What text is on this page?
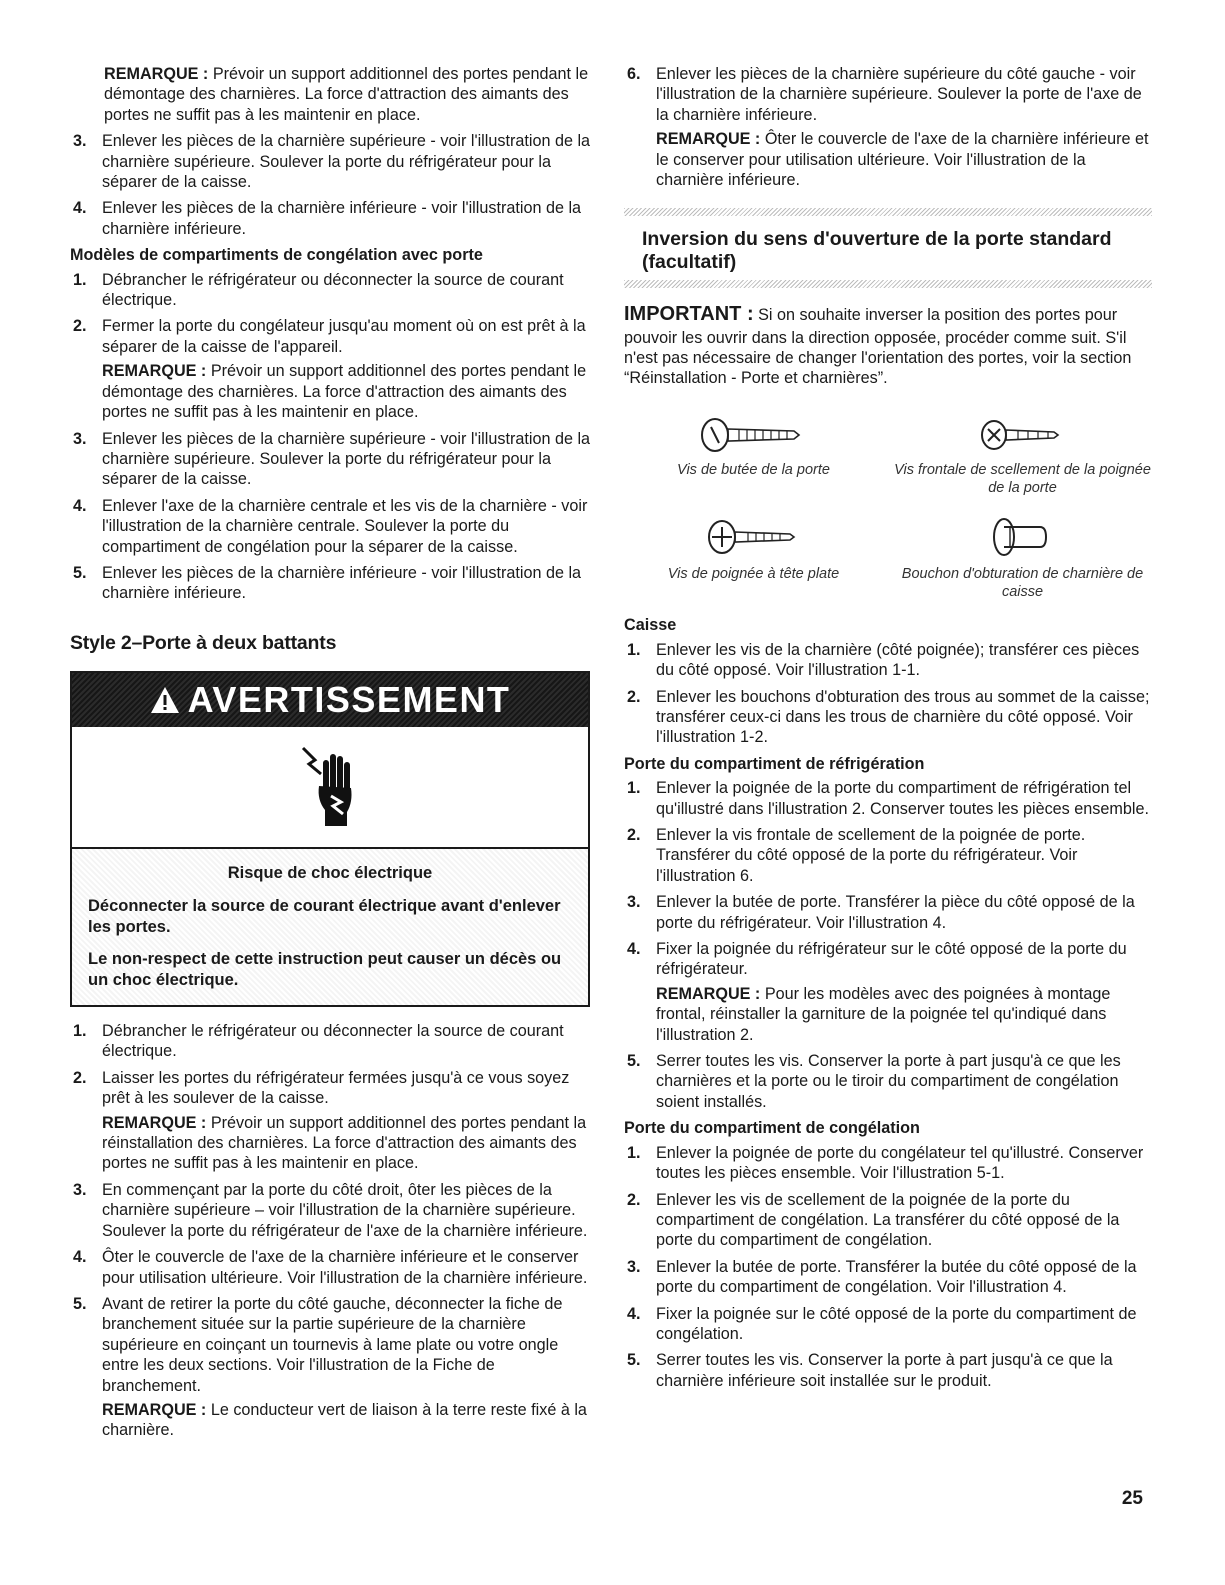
REMARQUE : Prévoir un support additionnel des portes pendant le démontage des charnières. La force d'attraction des aimants des portes ne suffit pas à les maintenir en place.

3. Enlever les pièces de la charnière supérieure - voir l'illustration de la charnière supérieure. Soulever la porte du réfrigérateur pour la séparer de la caisse.
4. Enlever les pièces de la charnière inférieure - voir l'illustration de la charnière inférieure.
Modèles de compartiments de congélation avec porte
1. Débrancher le réfrigérateur ou déconnecter la source de courant électrique.
2. Fermer la porte du congélateur jusqu'au moment où on est prêt à la séparer de la caisse de l'appareil.

REMARQUE : Prévoir un support additionnel des portes pendant le démontage des charnières. La force d'attraction des aimants des portes ne suffit pas à les maintenir en place.

3. Enlever les pièces de la charnière supérieure - voir l'illustration de la charnière supérieure. Soulever la porte du réfrigérateur pour la séparer de la caisse.
4. Enlever l'axe de la charnière centrale et les vis de la charnière - voir l'illustration de la charnière centrale. Soulever la porte du compartiment de congélation pour la séparer de la caisse.
5. Enlever les pièces de la charnière inférieure - voir l'illustration de la charnière inférieure.
Style 2–Porte à deux battants
AVERTISSEMENT

Risque de choc électrique

Déconnecter la source de courant électrique avant d'enlever les portes.

Le non-respect de cette instruction peut causer un décès ou un choc électrique.

1. Débrancher le réfrigérateur ou déconnecter la source de courant électrique.
2. Laisser les portes du réfrigérateur fermées jusqu'à ce vous soyez prêt à les soulever de la caisse.

REMARQUE : Prévoir un support additionnel des portes pendant la réinstallation des charnières. La force d'attraction des aimants des portes ne suffit pas à les maintenir en place.

3. En commençant par la porte du côté droit, ôter les pièces de la charnière supérieure – voir l'illustration de la charnière supérieure. Soulever la porte du réfrigérateur de l'axe de la charnière inférieure.
4. Ôter le couvercle de l'axe de la charnière inférieure et le conserver pour utilisation ultérieure. Voir l'illustration de la charnière inférieure.
5. Avant de retirer la porte du côté gauche, déconnecter la fiche de branchement située sur la partie supérieure de la charnière supérieure en coinçant un tournevis à lame plate ou votre ongle entre les deux sections. Voir l'illustration de la Fiche de branchement.

REMARQUE : Le conducteur vert de liaison à la terre reste fixé à la charnière.

6. Enlever les pièces de la charnière supérieure du côté gauche - voir l'illustration de la charnière supérieure. Soulever la porte de l'axe de la charnière inférieure.

REMARQUE : Ôter le couvercle de l'axe de la charnière inférieure et le conserver pour utilisation ultérieure. Voir l'illustration de la charnière inférieure.

Inversion du sens d'ouverture de la porte standard (facultatif)

IMPORTANT : Si on souhaite inverser la position des portes pour pouvoir les ouvrir dans la direction opposée, procéder comme suit. S'il n'est pas nécessaire de changer l'orientation des portes, voir la section “Réinstallation - Porte et charnières”.

Vis de butée de la porte	Vis frontale de scellement de la poignée de la porte
Vis de poignée à tête plate	Bouchon d'obturation de charnière de caisse
Caisse
1. Enlever les vis de la charnière (côté poignée); transférer ces pièces du côté opposé. Voir l'illustration 1-1.
2. Enlever les bouchons d'obturation des trous au sommet de la caisse; transférer ceux-ci dans les trous de charnière du côté opposé. Voir l'illustration 1-2.
Porte du compartiment de réfrigération
1. Enlever la poignée de la porte du compartiment de réfrigération tel qu'illustré dans l'illustration 2. Conserver toutes les pièces ensemble.
2. Enlever la vis frontale de scellement de la poignée de porte. Transférer du côté opposé de la porte du réfrigérateur. Voir l'illustration 6.
3. Enlever la butée de porte. Transférer la pièce du côté opposé de la porte du réfrigérateur. Voir l'illustration 4.
4. Fixer la poignée du réfrigérateur sur le côté opposé de la porte du réfrigérateur.

REMARQUE : Pour les modèles avec des poignées à montage frontal, réinstaller la garniture de la poignée tel qu'indiqué dans l'illustration 2.

5. Serrer toutes les vis. Conserver la porte à part jusqu'à ce que les charnières et la porte ou le tiroir du compartiment de congélation soient installés.
Porte du compartiment de congélation
1. Enlever la poignée de porte du congélateur tel qu'illustré. Conserver toutes les pièces ensemble. Voir l'illustration 5-1.
2. Enlever les vis de scellement de la poignée de la porte du compartiment de congélation. La transférer du côté opposé de la porte du compartiment de congélation.
3. Enlever la butée de porte. Transférer la butée du côté opposé de la porte du compartiment de congélation. Voir l'illustration 4.
4. Fixer la poignée sur le côté opposé de la porte du compartiment de congélation.
5. Serrer toutes les vis. Conserver la porte à part jusqu'à ce que la charnière inférieure soit installée sur le produit.
25
